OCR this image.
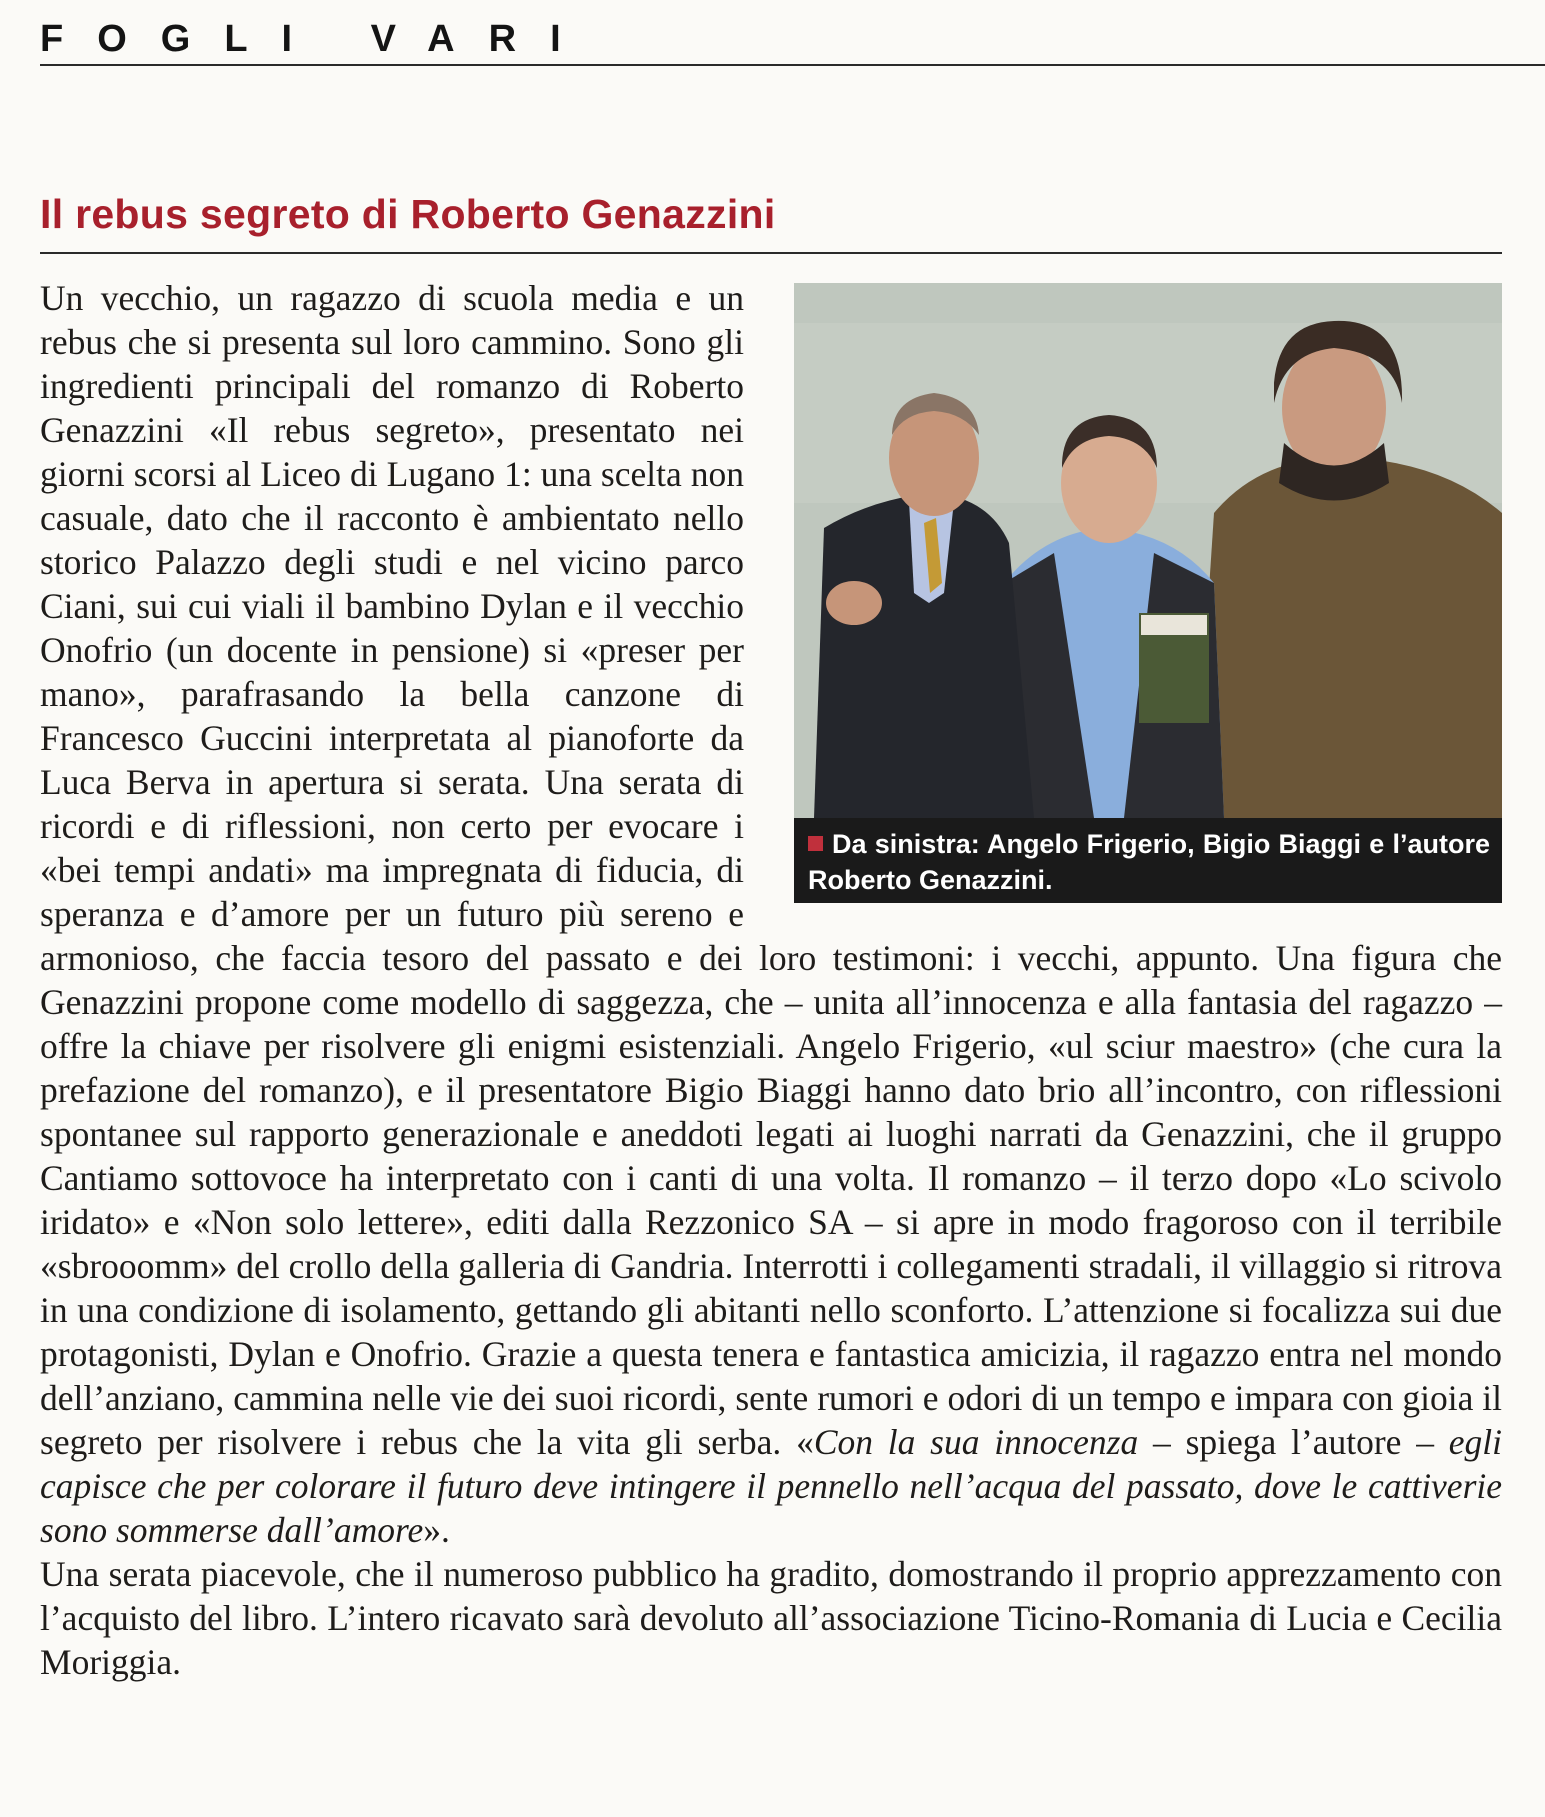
FOGLI VARI
Il rebus segreto di Roberto Genazzini
Da sinistra: Angelo Frigerio, Bigio Biaggi e l’autore Roberto Genazzini.

Un vecchio, un ragazzo di scuola media e un rebus che si presenta sul loro cammino. Sono gli ingredienti principali del romanzo di Roberto Genazzini «Il rebus segreto», presentato nei giorni scorsi al Liceo di Lugano 1: una scelta non casuale, dato che il racconto è ambientato nello storico Palazzo degli studi e nel vicino parco Ciani, sui cui viali il bambino Dylan e il vecchio Onofrio (un docente in pensione) si «preser per mano», parafrasando la bella canzone di Francesco Guccini interpretata al pianoforte da Luca Berva in apertura si serata. Una serata di ricordi e di riflessioni, non certo per evocare i «bei tempi andati» ma impregnata di fiducia, di speranza e d’amore per un futuro più sereno e armonioso, che faccia tesoro del passato e dei loro testimoni: i vecchi, appunto. Una figura che Genazzini propone come modello di saggezza, che – unita all’innocenza e alla fantasia del ragazzo – offre la chiave per risolvere gli enigmi esistenziali. Angelo Frigerio, «ul sciur maestro» (che cura la prefazione del romanzo), e il presentatore Bigio Biaggi hanno dato brio all’incontro, con riflessioni spontanee sul rapporto generazionale e aneddoti legati ai luoghi narrati da Genazzini, che il gruppo Cantiamo sottovoce ha interpretato con i canti di una volta. Il romanzo – il terzo dopo «Lo scivolo iridato» e «Non solo lettere», editi dalla Rezzonico SA – si apre in modo fragoroso con il terribile «sbrooomm» del crollo della galleria di Gandria. Interrotti i collegamenti stradali, il villaggio si ritrova in una condizione di isolamento, gettando gli abitanti nello sconforto. L’attenzione si focalizza sui due protagonisti, Dylan e Onofrio. Grazie a questa tenera e fantastica amicizia, il ragazzo entra nel mondo dell’anziano, cammina nelle vie dei suoi ricordi, sente rumori e odori di un tempo e impara con gioia il segreto per risolvere i rebus che la vita gli serba. «Con la sua innocenza – spiega l’autore – egli capisce che per colorare il futuro deve intingere il pennello nell’acqua del passato, dove le cattiverie sono sommerse dall’amore».

Una serata piacevole, che il numeroso pubblico ha gradito, domostrando il proprio apprezzamento con l’acquisto del libro. L’intero ricavato sarà devoluto all’associazione Ticino-Romania di Lucia e Cecilia Moriggia.
